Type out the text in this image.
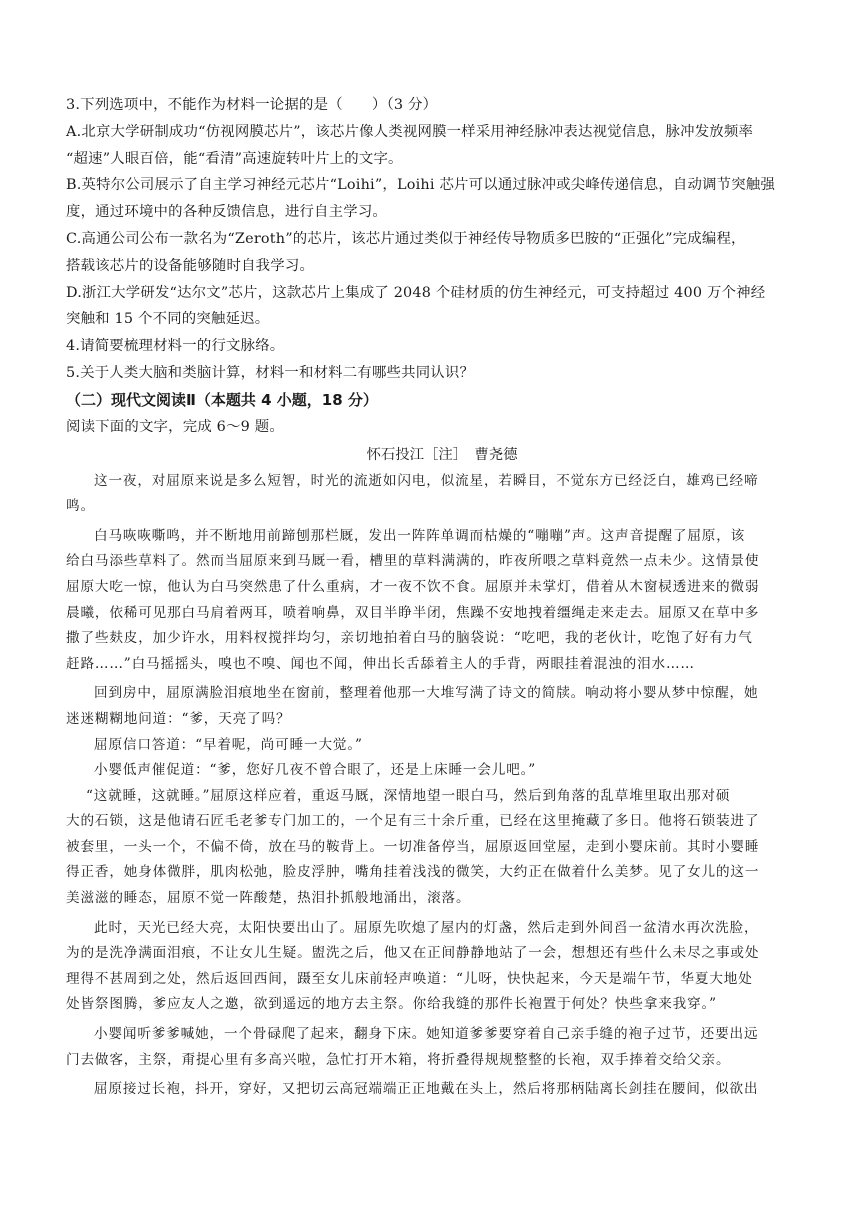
3.下列选项中，不能作为材料一论据的是（　　）（3 分）
A.北京大学研制成功“仿视网膜芯片”，该芯片像人类视网膜一样采用神经脉冲表达视觉信息，脉冲发放频率
“超速”人眼百倍，能“看清”高速旋转叶片上的文字。
B.英特尔公司展示了自主学习神经元芯片“Loihi”，Loihi 芯片可以通过脉冲或尖峰传递信息，自动调节突触强
度，通过环境中的各种反馈信息，进行自主学习。
C.高通公司公布一款名为“Zeroth”的芯片，该芯片通过类似于神经传导物质多巴胺的“正强化”完成编程，
搭载该芯片的设备能够随时自我学习。
D.浙江大学研发“达尔文”芯片，这款芯片上集成了 2048 个硅材质的仿生神经元，可支持超过 400 万个神经
突触和 15 个不同的突触延迟。
4.请简要梳理材料一的行文脉络。
5.关于人类大脑和类脑计算，材料一和材料二有哪些共同认识？
（二）现代文阅读Ⅱ（本题共 4 小题，18 分）
阅读下面的文字，完成 6～9 题。
怀石投江［注］　曹尧德
这一夜，对屈原来说是多么短智，时光的流逝如闪电，似流星，若瞬目，不觉东方已经泛白，雄鸡已经啼
鸣。
白马咴咴嘶鸣，并不断地用前蹄刨那栏厩，发出一阵阵单调而枯燥的“嘣嘣”声。这声音提醒了屈原，该
给白马添些草料了。然而当屈原来到马厩一看，槽里的草料满满的，昨夜所喂之草料竟然一点未少。这情景使
屈原大吃一惊，他认为白马突然患了什么重病，才一夜不饮不食。屈原并未掌灯，借着从木窗棂透进来的微弱
晨曦，依稀可见那白马肩着两耳，喷着响鼻，双目半睁半闭，焦躁不安地拽着缰绳走来走去。屈原又在草中多
撒了些麸皮，加少许水，用料杈搅拌均匀，亲切地拍着白马的脑袋说：“吃吧，我的老伙计，吃饱了好有力气
赶路……”白马摇摇头，嗅也不嗅、闻也不闻，伸出长舌舔着主人的手背，两眼挂着混浊的泪水……
回到房中，屈原满脸泪痕地坐在窗前，整理着他那一大堆写满了诗文的简牍。响动将小婴从梦中惊醒，她
迷迷糊糊地问道：“爹，天亮了吗？
屈原信口答道：“早着呢，尚可睡一大觉。”
小婴低声催促道：“爹，您好几夜不曾合眼了，还是上床睡一会儿吧。”
“这就睡，这就睡。”屈原这样应着，重返马厩，深情地望一眼白马，然后到角落的乱草堆里取出那对硕
大的石锁，这是他请石匠毛老爹专门加工的，一个足有三十余斤重，已经在这里掩藏了多日。他将石锁装进了
被套里，一头一个，不偏不倚，放在马的鞍背上。一切准备停当，屈原返回堂屋，走到小婴床前。其时小婴睡
得正香，她身体微胖，肌肉松弛，脸皮浮肿，嘴角挂着浅浅的微笑，大约正在做着什么美梦。见了女儿的这一
美滋滋的睡态，屈原不觉一阵酸楚，热泪扑抓般地涌出，滚落。
此时，天光已经大亮，太阳快要出山了。屈原先吹熄了屋内的灯盏，然后走到外间舀一盆清水再次洗脸，
为的是洗净满面泪痕，不让女儿生疑。盥洗之后，他又在正间静静地站了一会，想想还有些什么未尽之事或处
理得不甚周到之处，然后返回西间，蹑至女儿床前轻声唤道：“儿呀，快快起来，今天是端午节，华夏大地处
处皆祭图腾，爹应友人之邀，欲到遥远的地方去主祭。你给我缝的那件长袍置于何处？快些拿来我穿。”
小婴闻听爹爹喊她，一个骨碌爬了起来，翻身下床。她知道爹爹要穿着自己亲手缝的袍子过节，还要出远
门去做客，主祭，甭提心里有多高兴啦，急忙打开木箱，将折叠得规规整整的长袍，双手捧着交给父亲。
屈原接过长袍，抖开，穿好，又把切云高冠端端正正地戴在头上，然后将那柄陆离长剑挂在腰间，似欲出
